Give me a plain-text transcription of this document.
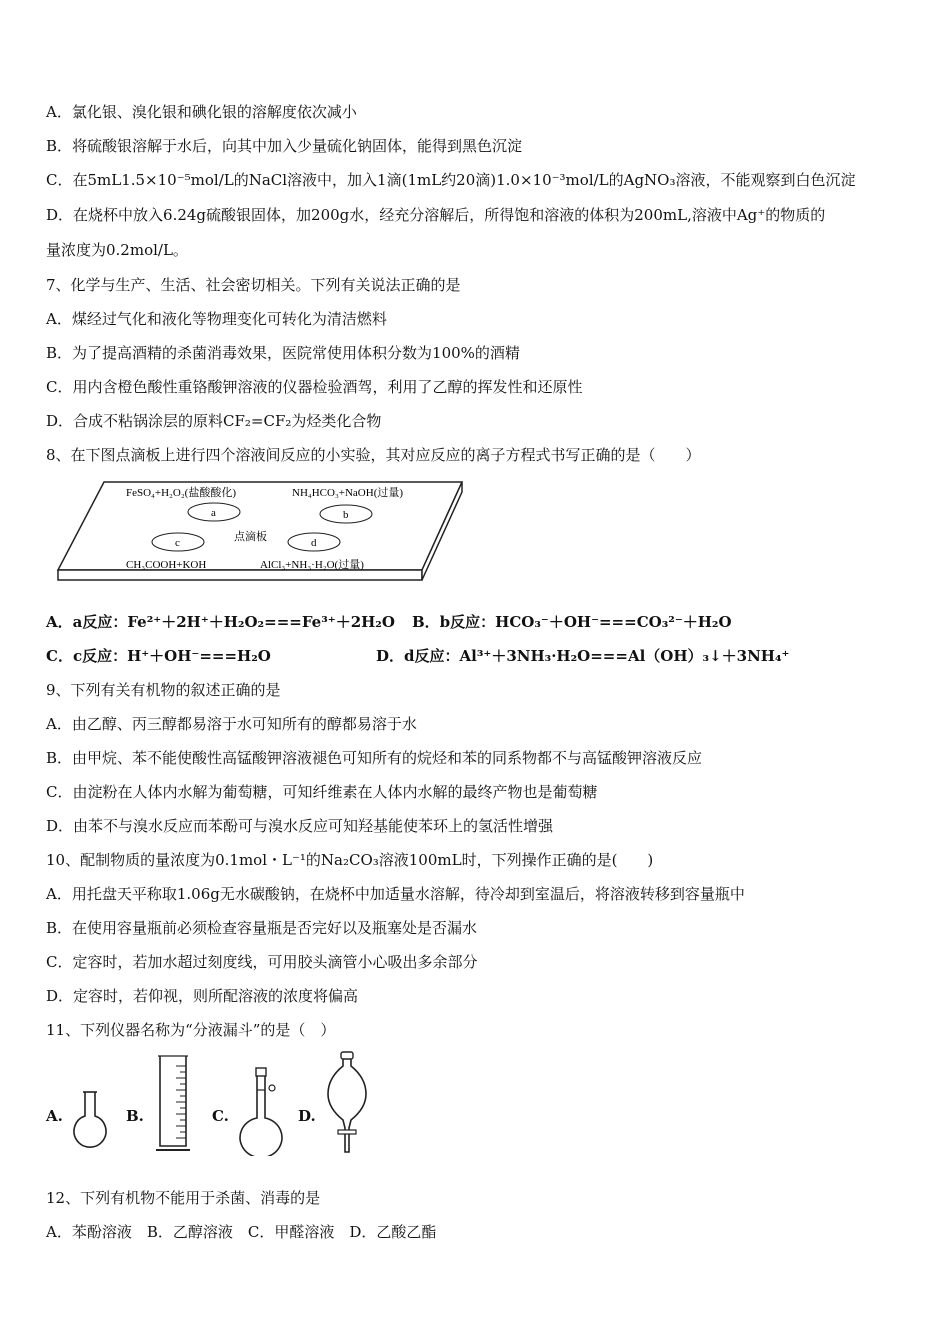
A．氯化银、溴化银和碘化银的溶解度依次减小
B．将硫酸银溶解于水后，向其中加入少量硫化钠固体，能得到黑色沉淀
C．在5mL1.5×10⁻⁵mol/L的NaCl溶液中，加入1滴(1mL约20滴)1.0×10⁻³mol/L的AgNO₃溶液，不能观察到白色沉淀
D．在烧杯中放入6.24g硫酸银固体，加200g水，经充分溶解后，所得饱和溶液的体积为200mL,溶液中Ag⁺的物质的
量浓度为0.2mol/L。
7、化学与生产、生活、社会密切相关。下列有关说法正确的是
A．煤经过气化和液化等物理变化可转化为清洁燃料
B．为了提高酒精的杀菌消毒效果，医院常使用体积分数为100%的酒精
C．用内含橙色酸性重铬酸钾溶液的仪器检验酒驾，利用了乙醇的挥发性和还原性
D．合成不粘锅涂层的原料CF₂=CF₂为烃类化合物
8、在下图点滴板上进行四个溶液间反应的小实验，其对应反应的离子方程式书写正确的是（　　）
FeSO₄+H₂O₂(盐酸酸化)	NH₄HCO₃+NaOH(过量)
a	b
点滴板
c	d
CH₃COOH+KOH	AlCl₃+NH₃·H₂O(过量)
A．a反应：Fe²⁺＋2H⁺＋H₂O₂===Fe³⁺＋2H₂O B．b反应：HCO₃⁻＋OH⁻===CO₃²⁻＋H₂O
C．c反应：H⁺＋OH⁻===H₂O	D．d反应：Al³⁺＋3NH₃·H₂O===Al（OH）₃↓＋3NH₄⁺
9、下列有关有机物的叙述正确的是
A．由乙醇、丙三醇都易溶于水可知所有的醇都易溶于水
B．由甲烷、苯不能使酸性高锰酸钾溶液褪色可知所有的烷烃和苯的同系物都不与高锰酸钾溶液反应
C．由淀粉在人体内水解为葡萄糖，可知纤维素在人体内水解的最终产物也是葡萄糖
D．由苯不与溴水反应而苯酚可与溴水反应可知羟基能使苯环上的氢活性增强
10、配制物质的量浓度为0.1mol・L⁻¹的Na₂CO₃溶液100mL时，下列操作正确的是(　　)
A．用托盘天平称取1.06g无水碳酸钠，在烧杯中加适量水溶解，待冷却到室温后，将溶液转移到容量瓶中
B．在使用容量瓶前必须检查容量瓶是否完好以及瓶塞处是否漏水
C．定容时，若加水超过刻度线，可用胶头滴管小心吸出多余部分
D．定容时，若仰视，则所配溶液的浓度将偏高
11、下列仪器名称为“分液漏斗”的是（　）
A.	B.	C.	D.
12、下列有机物不能用于杀菌、消毒的是
A．苯酚溶液　B．乙醇溶液　C．甲醛溶液　D．乙酸乙酯
